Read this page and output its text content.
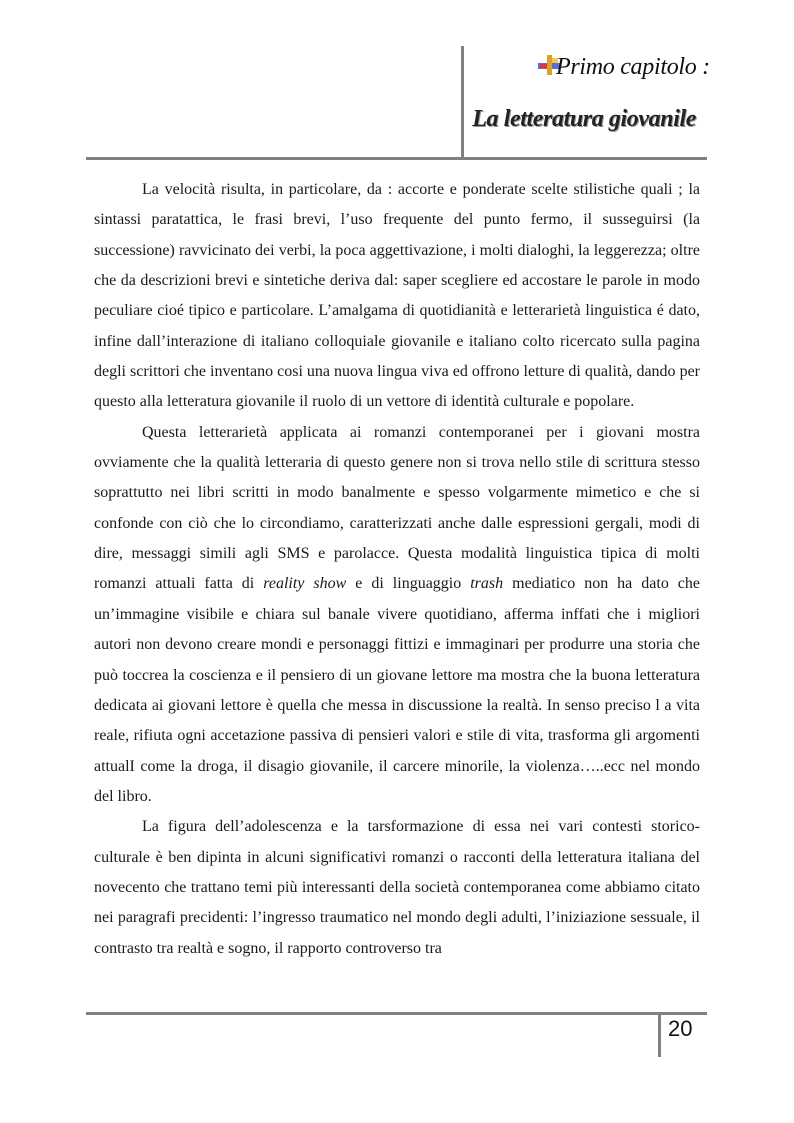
Primo capitolo :
La letteratura giovanile

La velocità risulta, in particolare, da : accorte e ponderate scelte stilistiche quali ; la sintassi paratattica, le frasi brevi, l’uso frequente del punto fermo, il susseguirsi (la successione) ravvicinato dei verbi, la poca aggettivazione, i molti dialoghi, la leggerezza; oltre che da descrizioni brevi e sintetiche deriva dal: saper scegliere ed accostare le parole in modo peculiare cioé tipico e particolare. L’amalgama di quotidianità e letterarietà linguistica é dato, infine dall’interazione di italiano colloquiale giovanile e italiano colto ricercato sulla pagina degli scrittori che inventano cosi una nuova lingua viva ed offrono letture di qualità, dando per questo alla letteratura giovanile il ruolo di un vettore di identità culturale e popolare.

Questa letterarietà applicata ai romanzi contemporanei per i giovani mostra ovviamente che la qualità letteraria di questo genere non si trova nello stile di scrittura stesso soprattutto nei libri scritti in modo banalmente e spesso volgarmente mimetico e che si confonde con ciò che lo circondiamo, caratterizzati anche dalle espressioni gergali, modi di dire, messaggi simili agli SMS e parolacce. Questa modalità linguistica tipica di molti romanzi attuali fatta di reality show e di linguaggio trash mediatico non ha dato che un’immagine visibile e chiara sul banale vivere quotidiano, afferma inffati che i migliori autori non devono creare mondi e personaggi fittizi e immaginari per produrre una storia che può toccrea la coscienza e il pensiero di un giovane lettore ma mostra che la buona letteratura dedicata ai giovani lettore è quella che messa in discussione la realtà. In senso preciso l a vita reale, rifiuta ogni accetazione passiva di pensieri valori e stile di vita, trasforma gli argomenti attualI come la droga, il disagio giovanile, il carcere minorile, la violenza…..ecc nel mondo del libro.

La figura dell’adolescenza e la tarsformazione di essa nei vari contesti storico-culturale è ben dipinta in alcuni significativi romanzi o racconti della letteratura italiana del novecento che trattano temi più interessanti della società contemporanea come abbiamo citato nei paragrafi precidenti: l’ingresso traumatico nel mondo degli adulti, l’iniziazione sessuale, il contrasto tra realtà e sogno, il rapporto controverso tra

20
